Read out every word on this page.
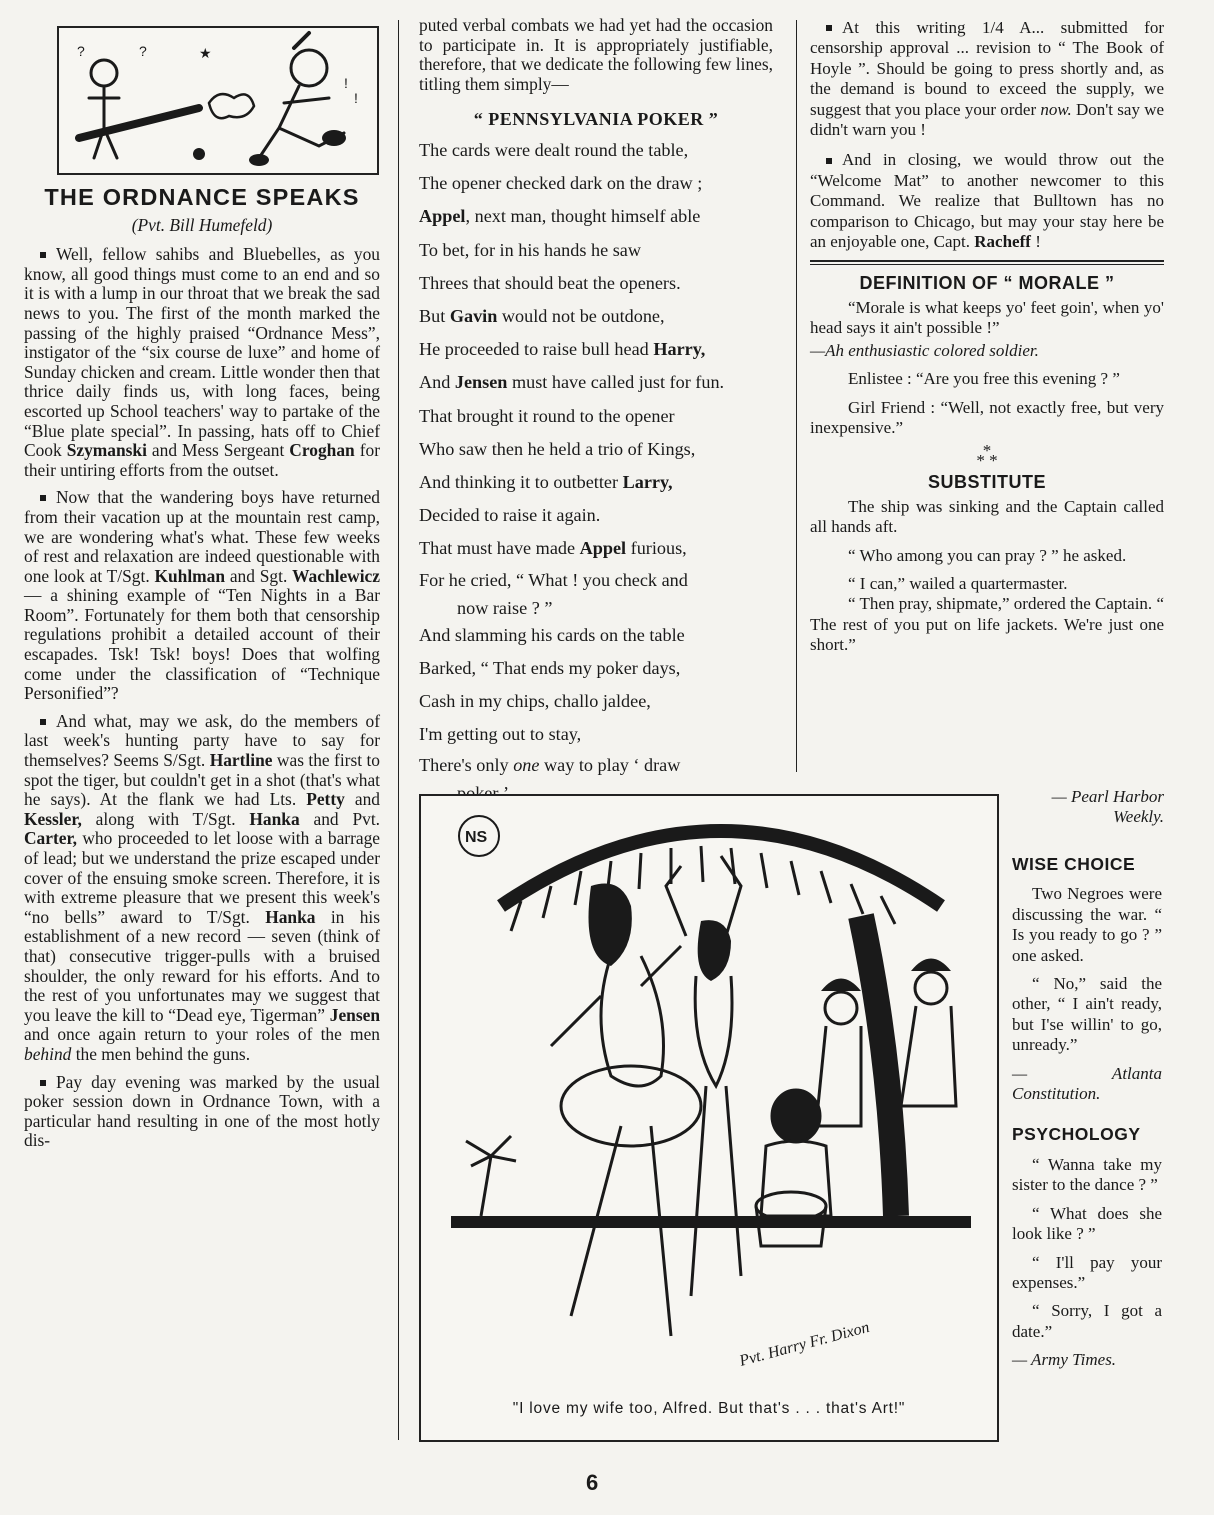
?
?	★
!
!
THE ORDNANCE SPEAKS
(Pvt. Bill Humefeld)

Well, fellow sahibs and Bluebelles, as you know, all good things must come to an end and so it is with a lump in our throat that we break the sad news to you. The first of the month marked the passing of the highly praised “Ordnance Mess”, instigator of the “six course de luxe” and home of Sunday chicken and cream. Little wonder then that thrice daily finds us, with long faces, being escorted up School teachers' way to partake of the “Blue plate special”. In passing, hats off to Chief Cook Szymanski and Mess Sergeant Croghan for their untiring efforts from the outset.

Now that the wandering boys have returned from their vacation up at the mountain rest camp, we are wondering what's what. These few weeks of rest and relaxation are indeed questionable with one look at T/Sgt. Kuhlman and Sgt. Wachlewicz — a shining example of “Ten Nights in a Bar Room”. Fortunately for them both that censorship regulations prohibit a detailed account of their escapades. Tsk! Tsk! boys! Does that wolfing come under the classification of “Technique Personified”?

And what, may we ask, do the members of last week's hunting party have to say for themselves? Seems S/Sgt. Hartline was the first to spot the tiger, but couldn't get in a shot (that's what he says). At the flank we had Lts. Petty and Kessler, along with T/Sgt. Hanka and Pvt. Carter, who proceeded to let loose with a barrage of lead; but we understand the prize escaped under cover of the ensuing smoke screen. Therefore, it is with extreme pleasure that we present this week's “no bells” award to T/Sgt. Hanka in his establishment of a new record — seven (think of that) consecutive trigger-pulls with a bruised shoulder, the only reward for his efforts. And to the rest of you unfortunates may we suggest that you leave the kill to “Dead eye, Tigerman” Jensen and once again return to your roles of the men behind the men behind the guns.

Pay day evening was marked by the usual poker session down in Ordnance Town, with a particular hand resulting in one of the most hotly dis-

puted verbal combats we had yet had the occasion to participate in. It is appropriately justifiable, therefore, that we dedicate the following few lines, titling them simply—

“ PENNSYLVANIA POKER ”

The cards were dealt round the table,

The opener checked dark on the draw ;

Appel, next man, thought himself able

To bet, for in his hands he saw

Threes that should beat the openers.

But Gavin would not be outdone,

He proceeded to raise bull head Harry,

And Jensen must have called just for fun.

That brought it round to the opener

Who saw then he held a trio of Kings,

And thinking it to outbetter Larry,

Decided to raise it again.

That must have made Appel furious,

For he cried, “ What ! you check and

now raise ? ”

And slamming his cards on the table

Barked, “ That ends my poker days,

Cash in my chips, challo jaldee,

I'm getting out to stay,

There's only one way to play ‘ draw

At this writing 1/4 A... submitted for censorship approval ... revision to “ The Book of Hoyle ”. Should be going to press shortly and, as the demand is bound to exceed the supply, we suggest that you place your order now. Don't say we didn't warn you !

And in closing, we would throw out the “Welcome Mat” to another newcomer to this Command. We realize that Bulltown has no comparison to Chicago, but may your stay here be an enjoyable one, Capt. Racheff !

DEFINITION OF “ MORALE ”

“Morale is what keeps yo' feet goin', when yo' head says it ain't possible !”

—Ah enthusiastic colored soldier.

Enlistee : “Are you free this evening ? ”

Girl Friend : “Well, not exactly free, but very inexpensive.”

*
* *
SUBSTITUTE

The ship was sinking and the Captain called all hands aft.

“ Who among you can pray ? ” he asked.

“ I can,” wailed a quartermaster.

“ Then pray, shipmate,” ordered the Captain. “ The rest of you put on life jackets. We're just one short.”

— Pearl Harbor Weekly.

NS
Pvt. Harry Fr. Dixon
"I love my wife too, Alfred. But that's . . . that's Art!"
WISE CHOICE

Two Negroes were discussing the war. “ Is you ready to go ? ” one asked.

“ No,” said the other, “ I ain't ready, but I'se willin' to go, unready.”

— Atlanta Constitution.

PSYCHOLOGY

“ Wanna take my sister to the dance ? ”

“ What does she look like ? ”

“ I'll pay your expenses.”

“ Sorry, I got a date.”

— Army Times.

6
